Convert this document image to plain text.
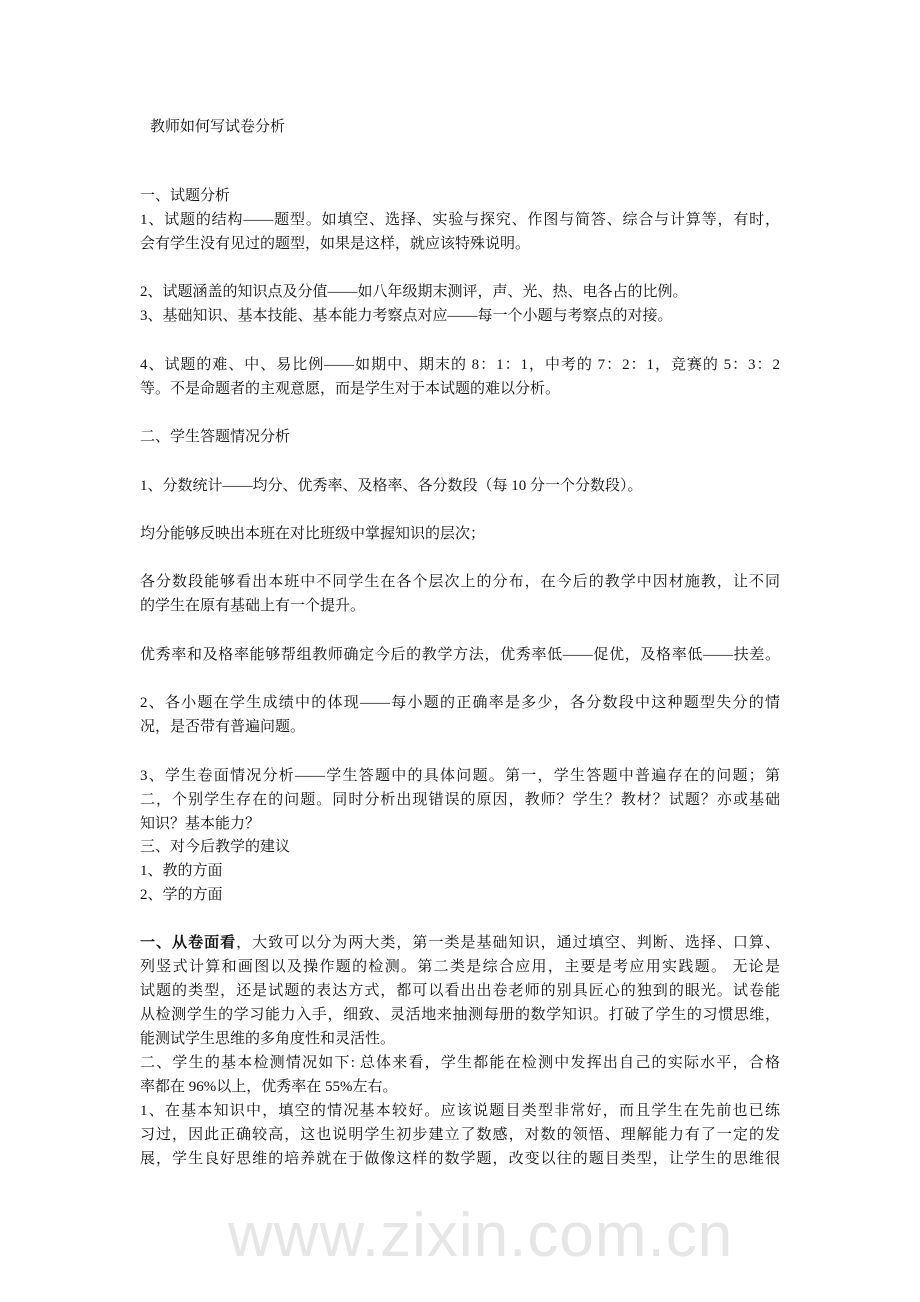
www.zixin.com.cn
教师如何写试卷分析
一、试题分析
1、试题的结构——题型。如填空、选择、实验与探究、作图与简答、综合与计算等，有时，
会有学生没有见过的题型，如果是这样，就应该特殊说明。
2、试题涵盖的知识点及分值——如八年级期末测评，声、光、热、电各占的比例。
3、基础知识、基本技能、基本能力考察点对应——每一个小题与考察点的对接。
4、试题的难、中、易比例——如期中、期末的 8：1：1，中考的 7：2：1，竞赛的 5：3：2
等。不是命题者的主观意愿，而是学生对于本试题的难以分析。
二、学生答题情况分析
1、分数统计——均分、优秀率、及格率、各分数段（每 10 分一个分数段）。
均分能够反映出本班在对比班级中掌握知识的层次；
各分数段能够看出本班中不同学生在各个层次上的分布，在今后的教学中因材施教，让不同
的学生在原有基础上有一个提升。
优秀率和及格率能够帮组教师确定今后的教学方法，优秀率低——促优，及格率低——扶差。
2、各小题在学生成绩中的体现——每小题的正确率是多少，各分数段中这种题型失分的情
况，是否带有普遍问题。
3、学生卷面情况分析——学生答题中的具体问题。第一，学生答题中普遍存在的问题；第
二，个别学生存在的问题。同时分析出现错误的原因，教师？学生？教材？试题？亦或基础
知识？基本能力？
三、对今后教学的建议
1、教的方面
2、学的方面
一、从卷面看，大致可以分为两大类，第一类是基础知识，通过填空、判断、选择、口算、
列竖式计算和画图以及操作题的检测。第二类是综合应用，主要是考应用实践题。 无论是
试题的类型，还是试题的表达方式，都可以看出出卷老师的别具匠心的独到的眼光。试卷能
从检测学生的学习能力入手，细致、灵活地来抽测每册的数学知识。打破了学生的习惯思维，
能测试学生思维的多角度性和灵活性。
二、学生的基本检测情况如下: 总体来看，学生都能在检测中发挥出自己的实际水平，合格
率都在 96%以上，优秀率在 55%左右。
1、在基本知识中，填空的情况基本较好。应该说题目类型非常好，而且学生在先前也已练
习过，因此正确较高，这也说明学生初步建立了数感，对数的领悟、理解能力有了一定的发
展，学生良好思维的培养就在于做像这样的数学题，改变以往的题目类型，让学生的思维很
